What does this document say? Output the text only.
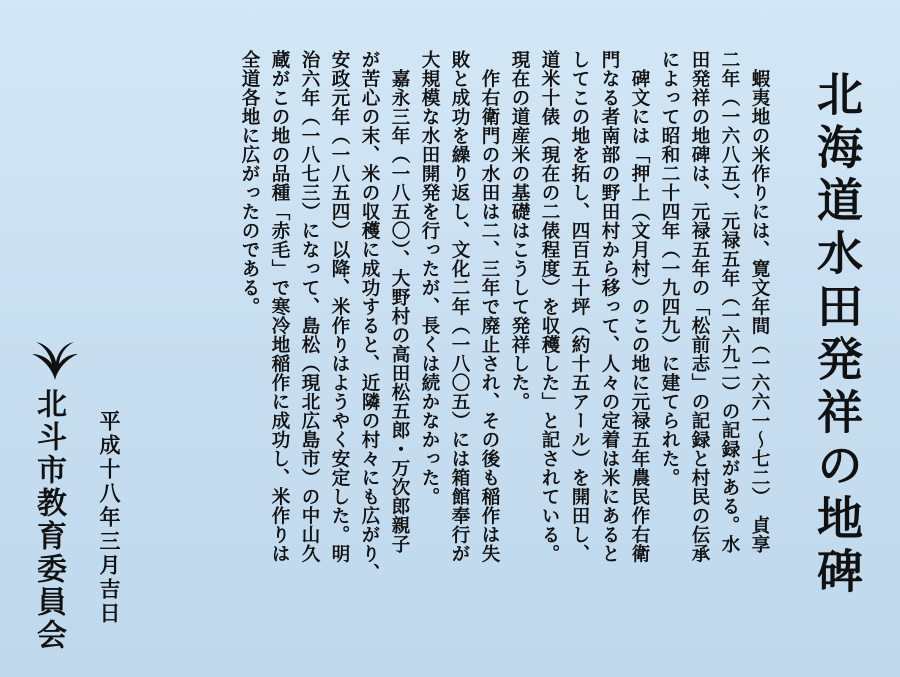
北海道水田発祥の地碑
蝦夷地の米作りには、寛文年間（一六六一～七二）　貞享
二年（一六八五）、元禄五年（一六九二）の記録がある。水
田発祥の地碑は、元禄五年の「松前志」の記録と村民の伝承
によって昭和二十四年（一九四九）に建てられた。
碑文には「押上（文月村）のこの地に元禄五年農民作右衛
門なる者南部の野田村から移って、人々の定着は米にあると
してこの地を拓し、四百五十坪（約十五アール）を開田し、
道米十俵（現在の二俵程度）を収穫した」と記されている。
現在の道産米の基礎はこうして発祥した。
作右衛門の水田は二、三年で廃止され、その後も稲作は失
敗と成功を繰り返し、文化二年（一八〇五）には箱館奉行が
大規模な水田開発を行ったが、長くは続かなかった。
嘉永三年（一八五〇）、大野村の高田松五郎・万次郎親子
が苦心の末、米の収穫に成功すると、近隣の村々にも広がり、
安政元年（一八五四）以降、米作りはようやく安定した。明
治六年（一八七三）になって、島松（現北広島市）の中山久
蔵がこの地の品種「赤毛」で寒冷地稲作に成功し、米作りは
全道各地に広がったのである。
平成十八年三月吉日
北斗市教育委員会
